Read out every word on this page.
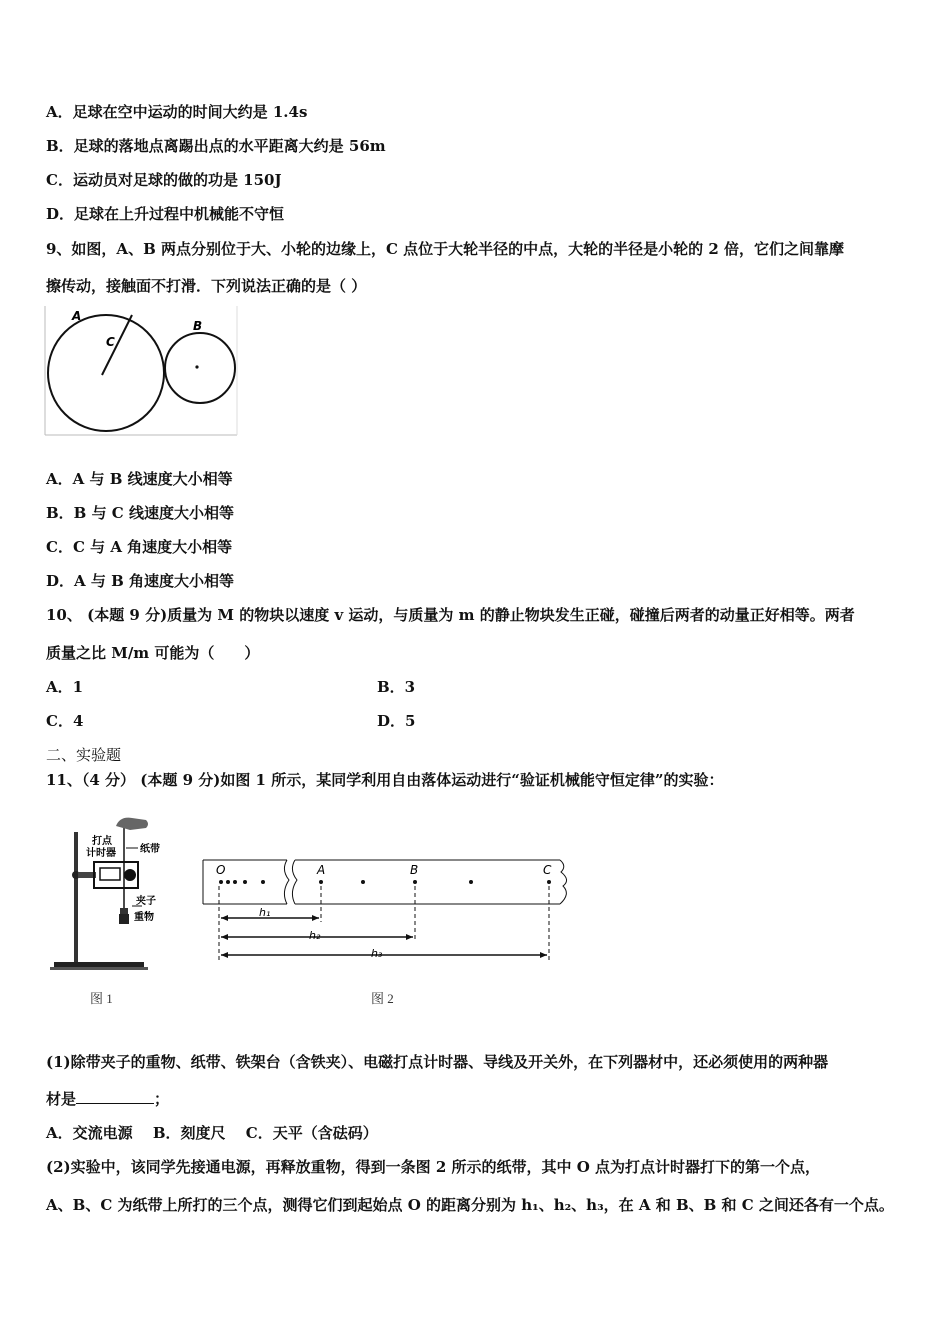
A．足球在空中运动的时间大约是 1.4s
B．足球的落地点离踢出点的水平距离大约是 56m
C．运动员对足球的做的功是 150J
D．足球在上升过程中机械能不守恒
9、如图，A、B 两点分别位于大、小轮的边缘上，C 点位于大轮半径的中点，大轮的半径是小轮的 2 倍，它们之间靠摩
擦传动，接触面不打滑．下列说法正确的是（ ）
A
C
B
A．A 与 B 线速度大小相等
B．B 与 C 线速度大小相等
C．C 与 A 角速度大小相等
D．A 与 B 角速度大小相等
10、 (本题 9 分)质量为 M 的物块以速度 v 运动，与质量为 m 的静止物块发生正碰，碰撞后两者的动量正好相等。两者
质量之比 M/m 可能为（　　）
A．1	B．3
C．4	D．5
二、实验题
11、（4 分） (本题 9 分)如图 1 所示，某同学利用自由落体运动进行“验证机械能守恒定律”的实验：
打点
计时器 纸带
夹子
重物
图 1
O	A	B	C
h₁
h₂
h₃
图 2
(1)除带夹子的重物、纸带、铁架台（含铁夹）、电磁打点计时器、导线及开关外，在下列器材中，还必须使用的两种器
材是	；
A．交流电源　 B．刻度尺　 C．天平（含砝码）
(2)实验中，该同学先接通电源，再释放重物，得到一条图 2 所示的纸带，其中 O 点为打点计时器打下的第一个点，
A、B、C 为纸带上所打的三个点，测得它们到起始点 O 的距离分别为 h₁、h₂、h₃，在 A 和 B、B 和 C 之间还各有一个点。
